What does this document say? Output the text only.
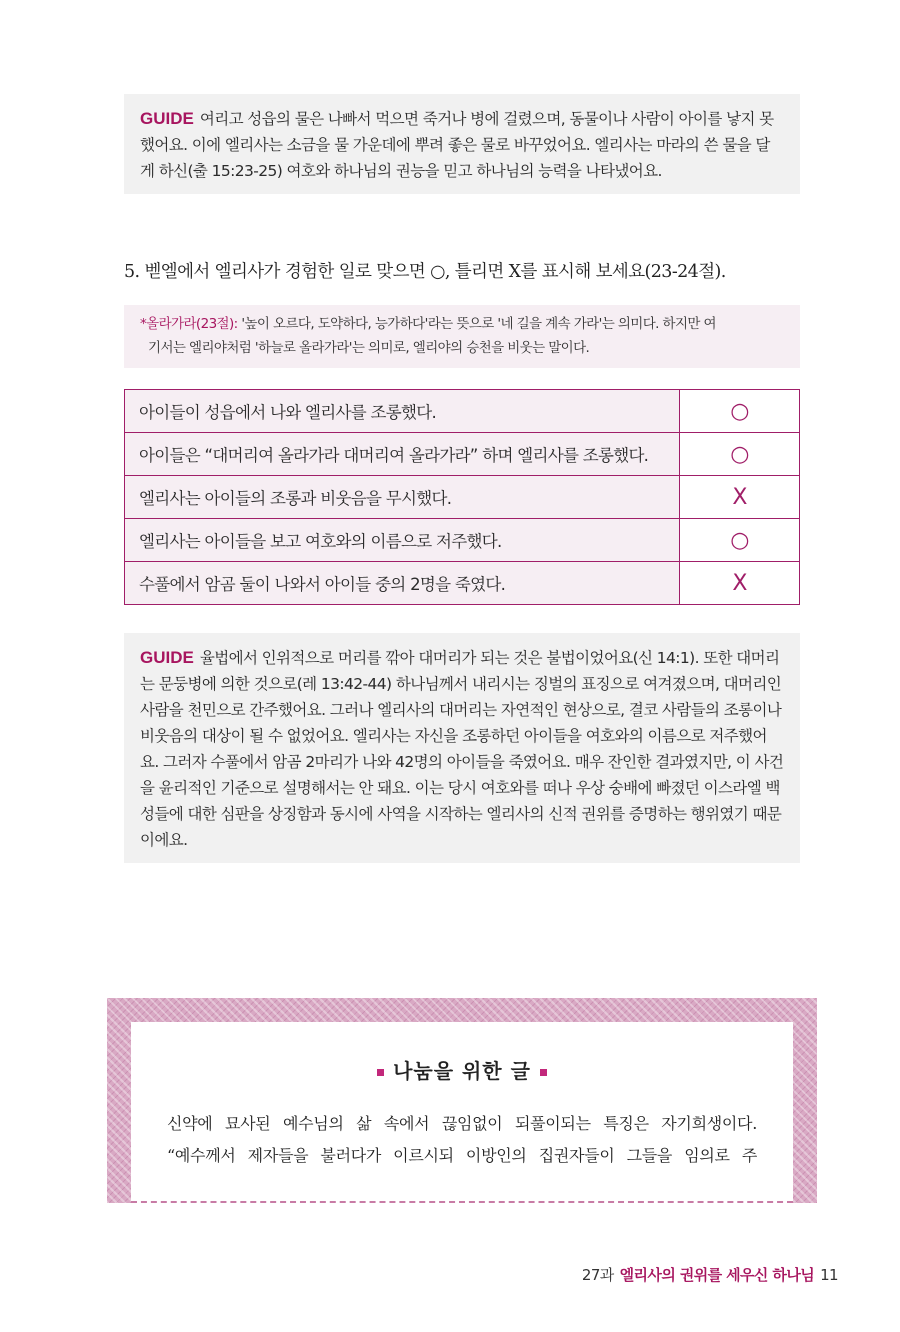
GUIDE 여리고 성읍의 물은 나빠서 먹으면 죽거나 병에 걸렸으며, 동물이나 사람이 아이를 낳지 못했어요. 이에 엘리사는 소금을 물 가운데에 뿌려 좋은 물로 바꾸었어요. 엘리사는 마라의 쓴 물을 달게 하신(출 15:23-25) 여호와 하나님의 권능을 믿고 하나님의 능력을 나타냈어요.
5. 벧엘에서 엘리사가 경험한 일로 맞으면 ○, 틀리면 X를 표시해 보세요(23-24절).
*올라가라(23절): '높이 오르다, 도약하다, 능가하다'라는 뜻으로 '네 길을 계속 가라'는 의미다. 하지만 여
기서는 엘리야처럼 '하늘로 올라가라'는 의미로, 엘리야의 승천을 비웃는 말이다.
아이들이 성읍에서 나와 엘리사를 조롱했다.	○
아이들은 “대머리여 올라가라 대머리여 올라가라” 하며 엘리사를 조롱했다.	○
엘리사는 아이들의 조롱과 비웃음을 무시했다.	X
엘리사는 아이들을 보고 여호와의 이름으로 저주했다.	○
수풀에서 암곰 둘이 나와서 아이들 중의 2명을 죽였다.	X
GUIDE 율법에서 인위적으로 머리를 깎아 대머리가 되는 것은 불법이었어요(신 14:1). 또한 대머리는 문둥병에 의한 것으로(레 13:42-44) 하나님께서 내리시는 징벌의 표징으로 여겨졌으며, 대머리인 사람을 천민으로 간주했어요. 그러나 엘리사의 대머리는 자연적인 현상으로, 결코 사람들의 조롱이나 비웃음의 대상이 될 수 없었어요. 엘리사는 자신을 조롱하던 아이들을 여호와의 이름으로 저주했어요. 그러자 수풀에서 암곰 2마리가 나와 42명의 아이들을 죽였어요. 매우 잔인한 결과였지만, 이 사건을 윤리적인 기준으로 설명해서는 안 돼요. 이는 당시 여호와를 떠나 우상 숭배에 빠졌던 이스라엘 백성들에 대한 심판을 상징함과 동시에 사역을 시작하는 엘리사의 신적 권위를 증명하는 행위였기 때문이에요.
나눔을 위한 글
신약에 묘사된 예수님의 삶 속에서 끊임없이 되풀이되는 특징은 자기희생이다.
“예수께서 제자들을 불러다가 이르시되 이방인의 집권자들이 그들을 임의로 주
27과 엘리사의 권위를 세우신 하나님 11
